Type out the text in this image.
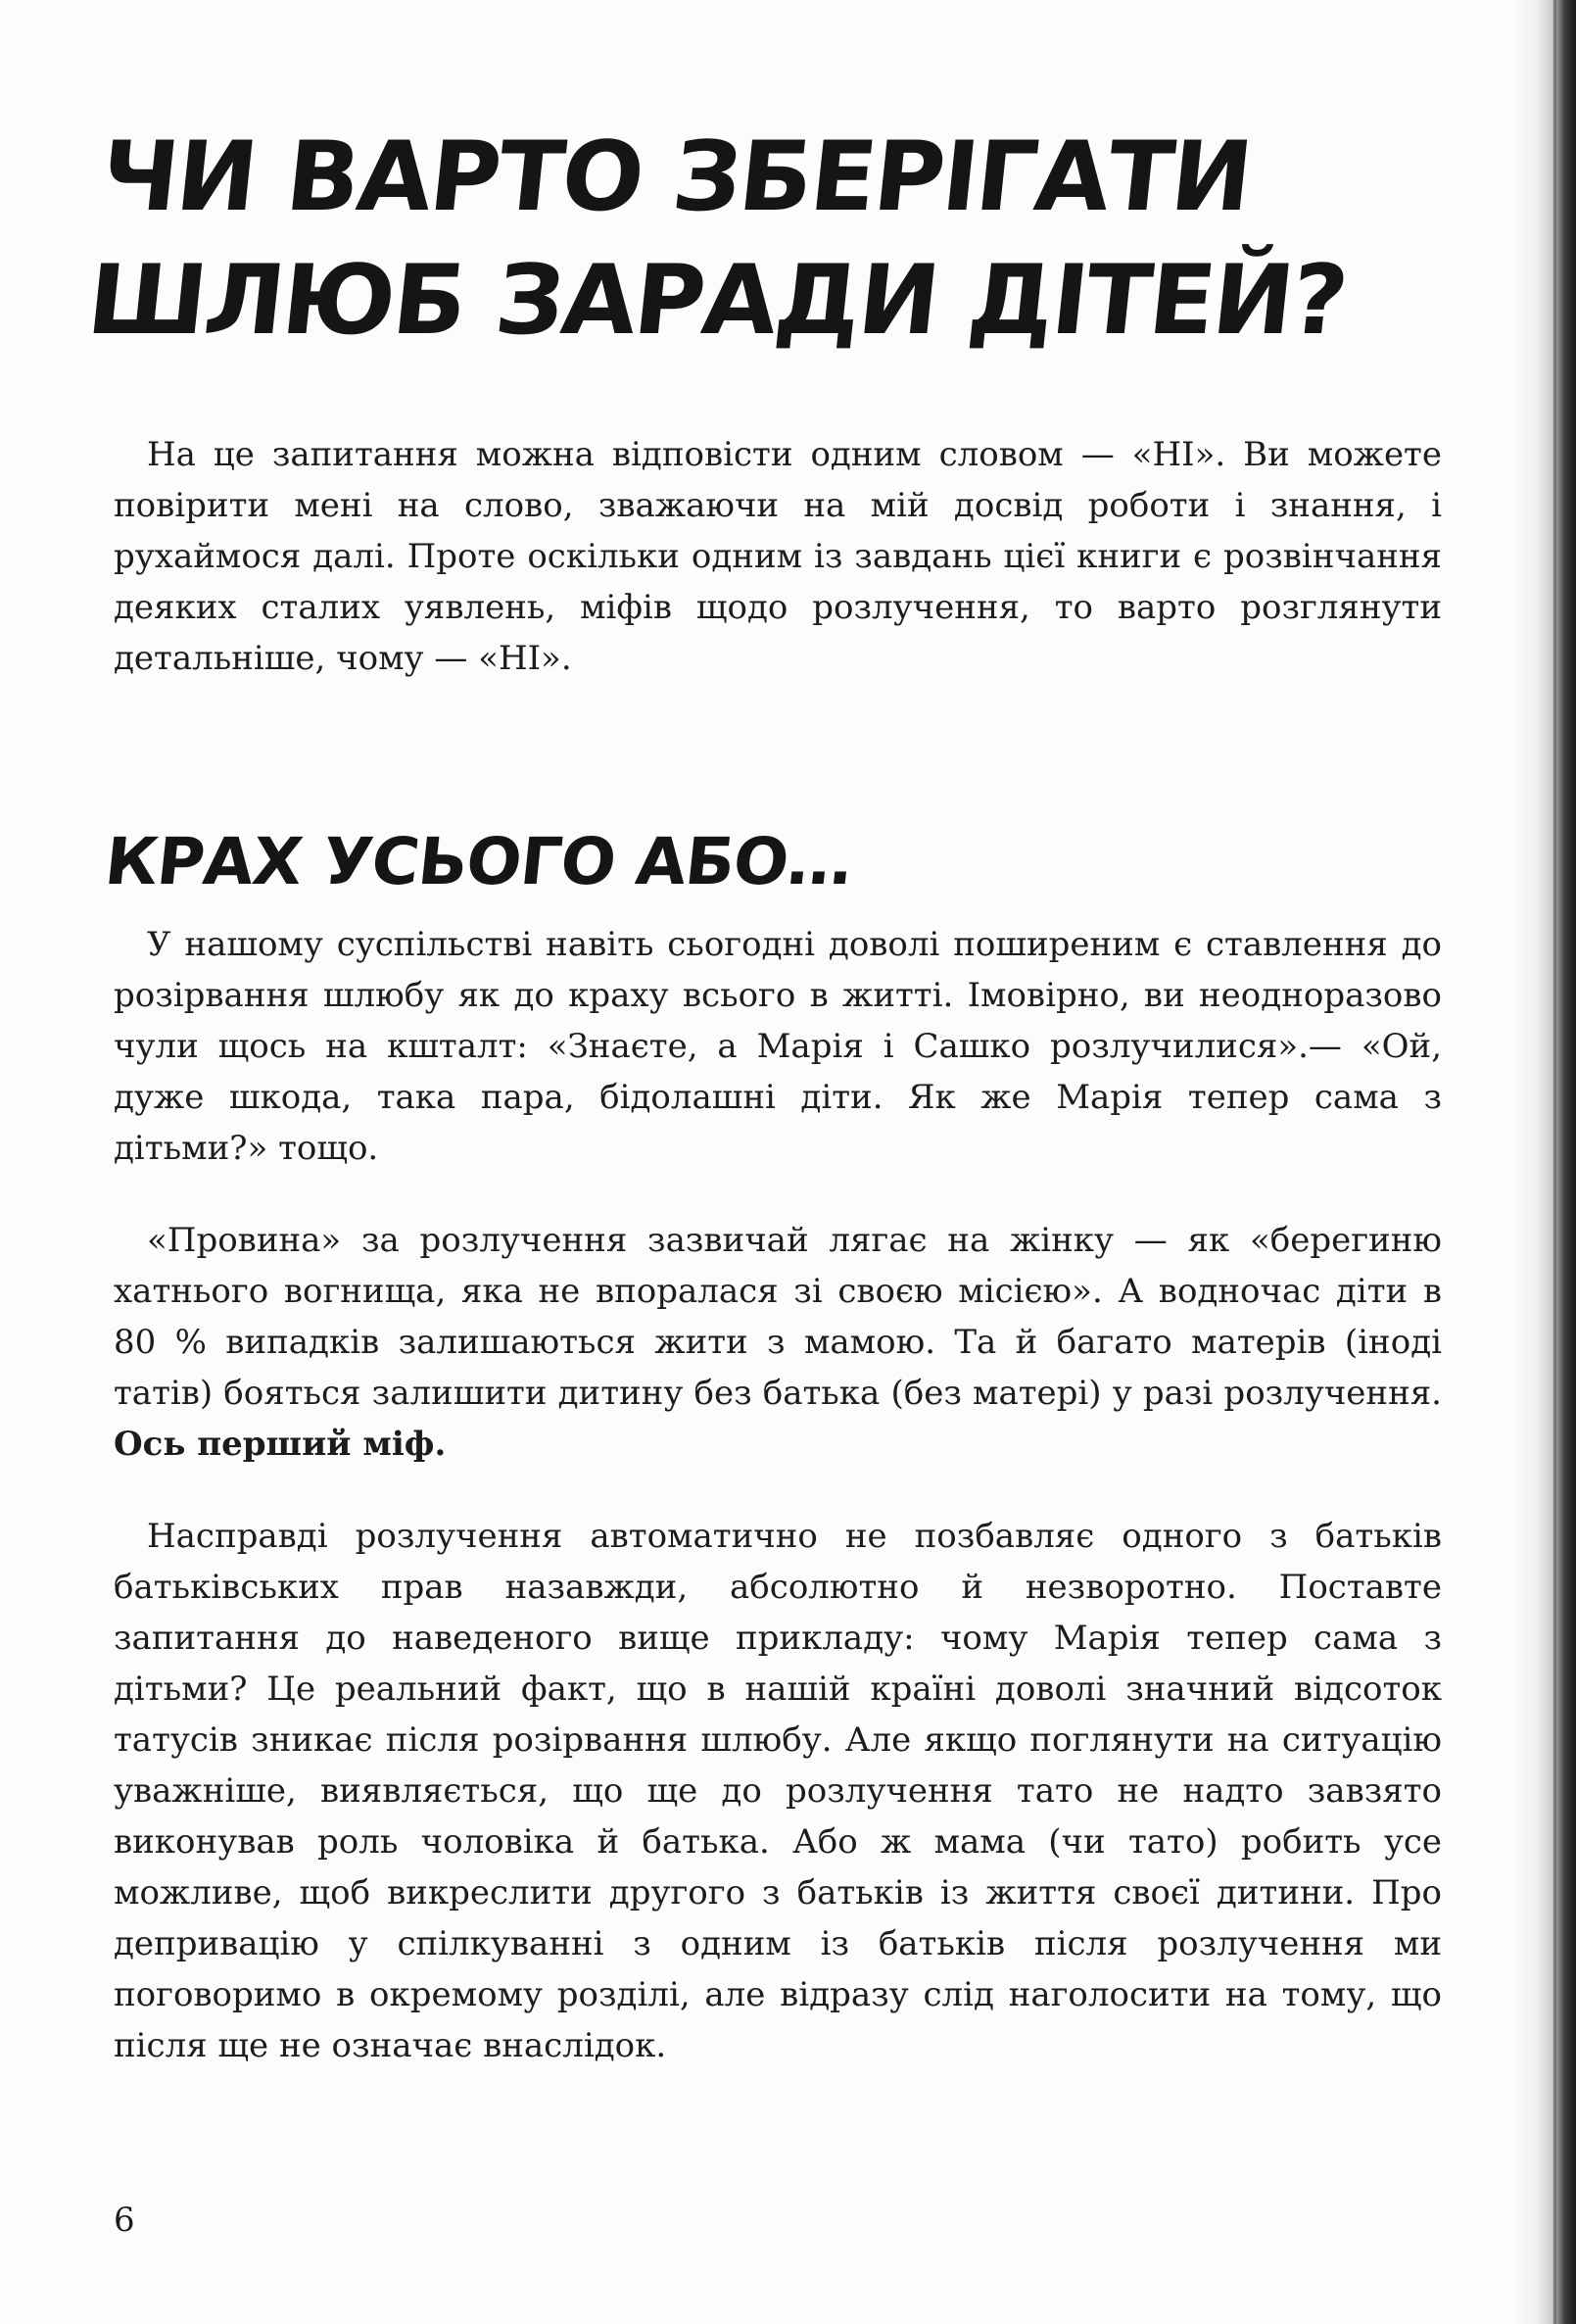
ЧИ ВАРТО ЗБЕРІГАТИ ШЛЮБ ЗАРАДИ ДІТЕЙ?

На це запитання можна відповісти одним словом — «НІ». Ви можете повірити мені на слово, зважаючи на мій досвід роботи і знання, і рухаймося далі. Проте оскільки одним із завдань цієї книги є розвінчання деяких сталих уявлень, міфів щодо розлучення, то варто розглянути детальніше, чому — «НІ».

КРАХ УСЬОГО АБО…

У нашому суспільстві навіть сьогодні доволі поширеним є ставлення до розірвання шлюбу як до краху всього в житті. Імовірно, ви неодноразово чули щось на кшталт: «Знаєте, а Марія і Сашко розлучилися».— «Ой, дуже шкода, така пара, бідолашні діти. Як же Марія тепер сама з дітьми?» тощо.

«Провина» за розлучення зазвичай лягає на жінку — як «берегиню хатнього вогнища, яка не впоралася зі своєю місією». А водночас діти в 80 % випадків залишаються жити з мамою. Та й багато матерів (іноді татів) бояться залишити дитину без батька (без матері) у разі розлучення. Ось перший міф.

Насправді розлучення автоматично не позбавляє одного з батьків батьківських прав назавжди, абсолютно й незворотно. Поставте запитання до наведеного вище прикладу: чому Марія тепер сама з дітьми? Це реальний факт, що в нашій країні доволі значний відсоток татусів зникає після розірвання шлюбу. Але якщо поглянути на ситуацію уважніше, виявляється, що ще до розлучення тато не надто завзято виконував роль чоловіка й батька. Або ж мама (чи тато) робить усе можливе, щоб викреслити другого з батьків із життя своєї дитини. Про депривацію у спілкуванні з одним із батьків після розлучення ми поговоримо в окремому розділі, але відразу слід наголосити на тому, що після ще не означає внаслідок.

6
